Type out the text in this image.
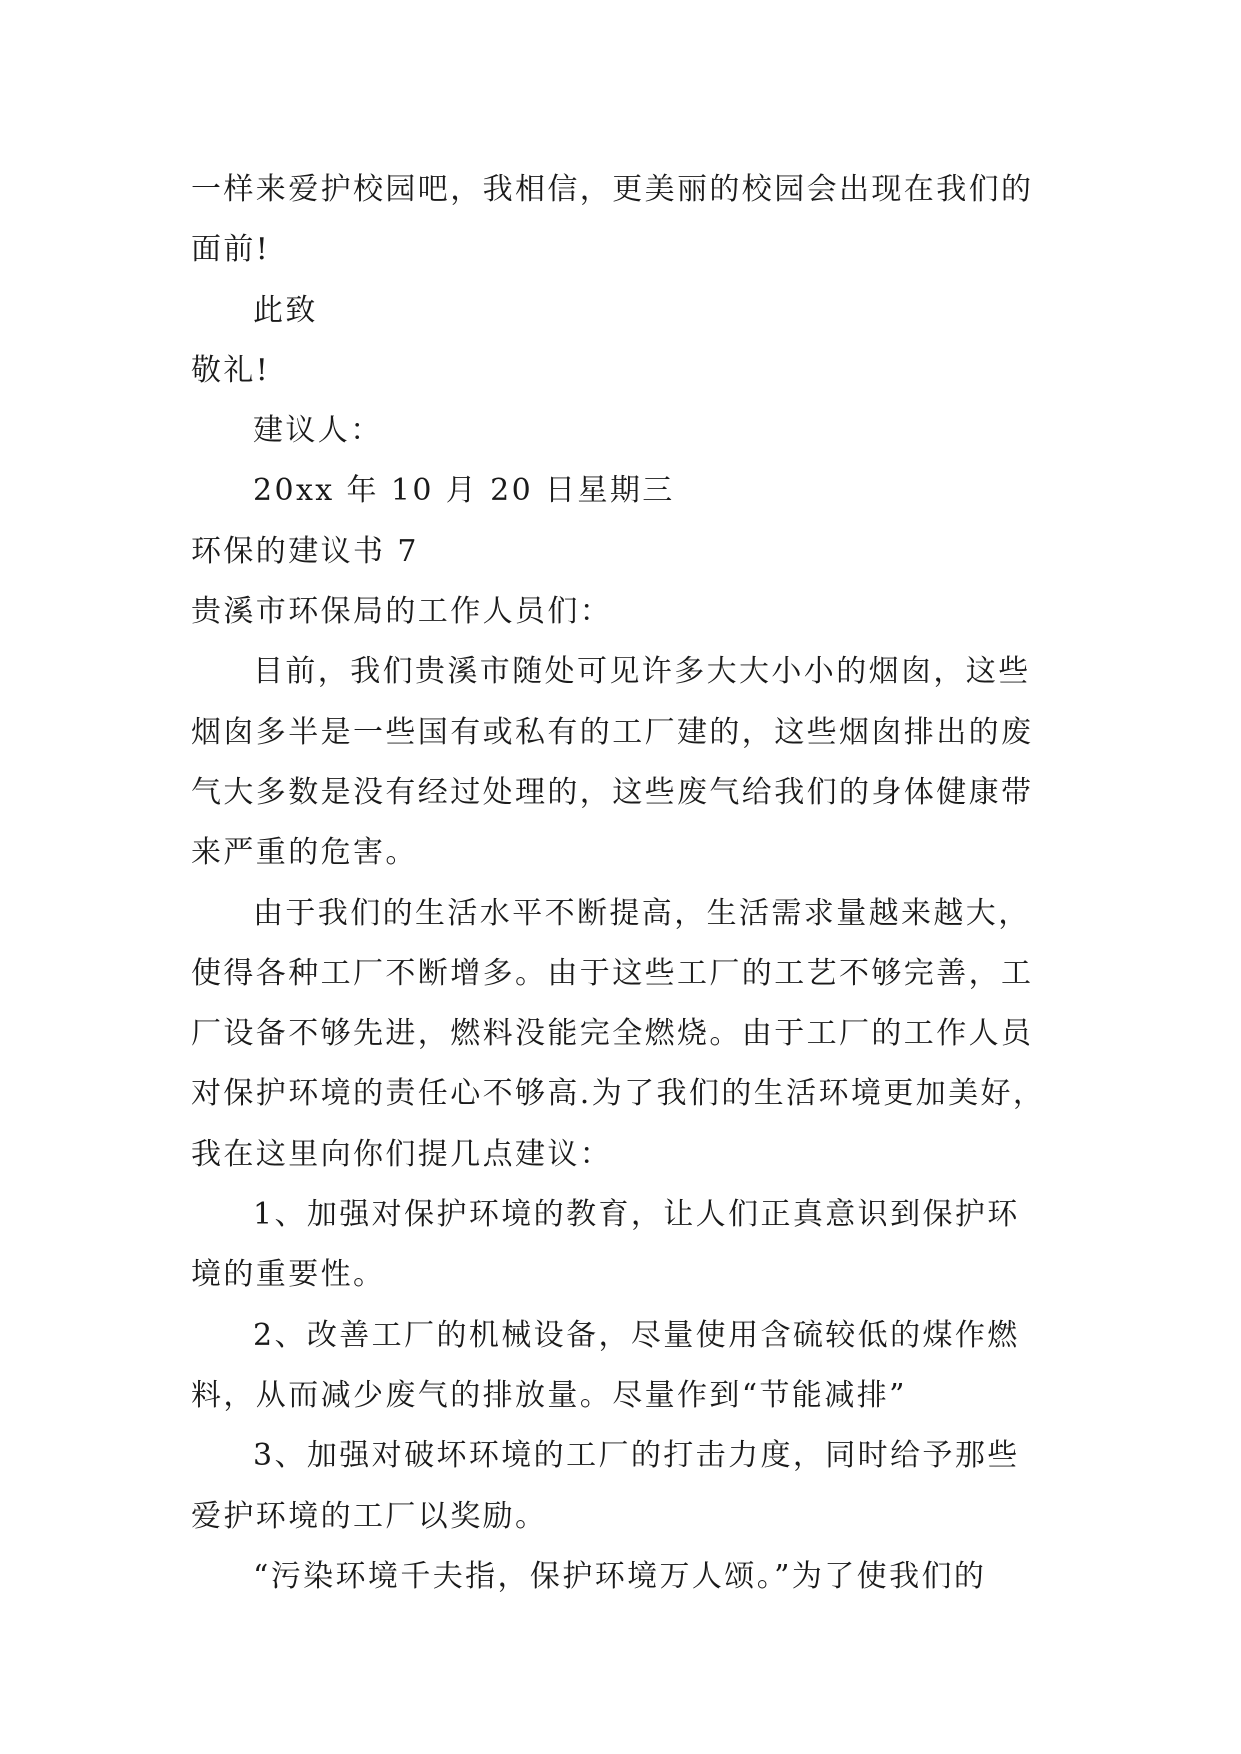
一样来爱护校园吧，我相信，更美丽的校园会出现在我们的

面前!

此致

敬礼!

建议人：

20xx 年 10 月 20 日星期三

环保的建议书 7

贵溪市环保局的工作人员们：

目前，我们贵溪市随处可见许多大大小小的烟囱，这些

烟囱多半是一些国有或私有的工厂建的，这些烟囱排出的废

气大多数是没有经过处理的，这些废气给我们的身体健康带

来严重的危害。

由于我们的生活水平不断提高，生活需求量越来越大，

使得各种工厂不断增多。由于这些工厂的工艺不够完善，工

厂设备不够先进，燃料没能完全燃烧。由于工厂的工作人员

对保护环境的责任心不够高.为了我们的生活环境更加美好，

我在这里向你们提几点建议：

1、加强对保护环境的教育，让人们正真意识到保护环

境的重要性。

2、改善工厂的机械设备，尽量使用含硫较低的煤作燃

料，从而减少废气的排放量。尽量作到“节能减排”

3、加强对破坏环境的工厂的打击力度，同时给予那些

爱护环境的工厂以奖励。

“污染环境千夫指，保护环境万人颂。”为了使我们的
